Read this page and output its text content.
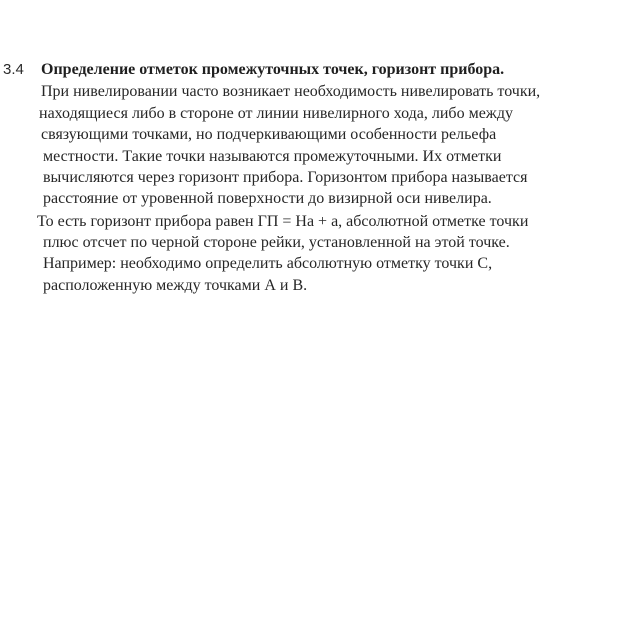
3.4 Определение отметок промежуточных точек, горизонт прибора.
При нивелировании часто возникает необходимость нивелировать точки,
находящиеся либо в стороне от линии нивелирного хода, либо между
связующими точками, но подчеркивающими особенности рельефа
местности. Такие точки называются промежуточными. Их отметки
вычисляются через горизонт прибора. Горизонтом прибора называется
расстояние от уровенной поверхности до визирной оси нивелира.
То есть горизонт прибора равен ГП = На + а, абсолютной отметке точки
плюс отсчет по черной стороне рейки, установленной на этой точке.
Например: необходимо определить абсолютную отметку точки С,
расположенную между точками А и В.
